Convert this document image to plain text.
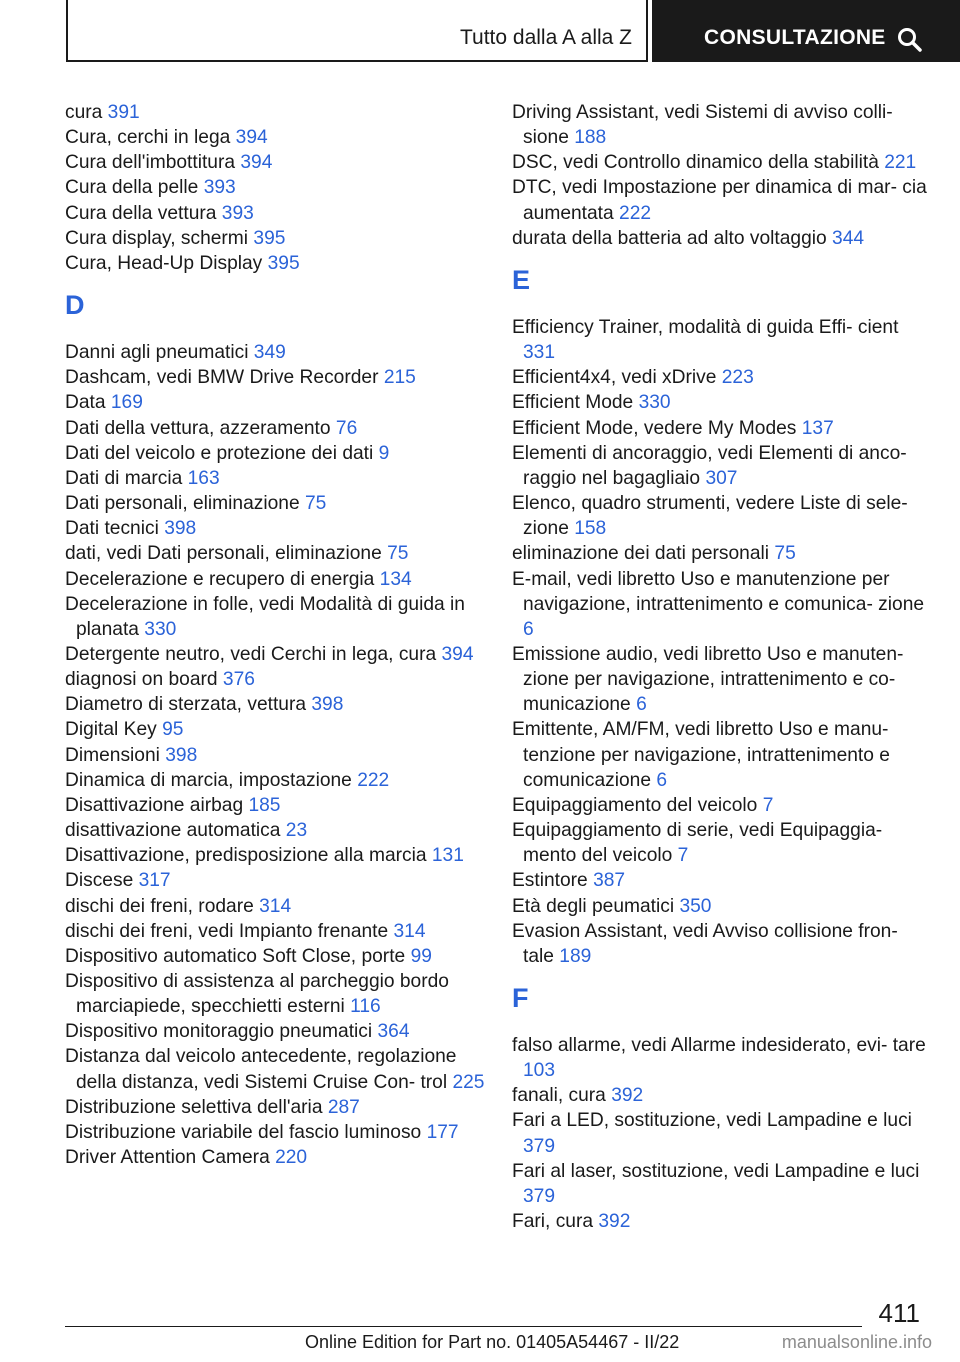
Tutto dalla A alla Z	CONSULTAZIONE

cura 391

Cura, cerchi in lega 394

Cura dell'imbottitura 394

Cura della pelle 393

Cura della vettura 393

Cura display, schermi 395

Cura, Head-Up Display 395

D

Danni agli pneumatici 349

Dashcam, vedi BMW Drive Recorder 215

Data 169

Dati della vettura, azzeramento 76

Dati del veicolo e protezione dei dati 9

Dati di marcia 163

Dati personali, eliminazione 75

Dati tecnici 398

dati, vedi Dati personali, eliminazione 75

Decelerazione e recupero di energia 134

Decelerazione in folle, vedi Modalità di guida in planata 330

Detergente neutro, vedi Cerchi in lega, cura 394

diagnosi on board 376

Diametro di sterzata, vettura 398

Digital Key 95

Dimensioni 398

Dinamica di marcia, impostazione 222

Disattivazione airbag 185

disattivazione automatica 23

Disattivazione, predisposizione alla marcia 131

Discese 317

dischi dei freni, rodare 314

dischi dei freni, vedi Impianto frenante 314

Dispositivo automatico Soft Close, porte 99

Dispositivo di assistenza al parcheggio bordo marciapiede, specchietti esterni 116

Dispositivo monitoraggio pneumatici 364

Distanza dal veicolo antecedente, regolazione della distanza, vedi Sistemi Cruise Con- trol 225

Distribuzione selettiva dell'aria 287

Distribuzione variabile del fascio luminoso 177

Driver Attention Camera 220

Driving Assistant, vedi Sistemi di avviso colli- sione 188

DSC, vedi Controllo dinamico della stabilità 221

DTC, vedi Impostazione per dinamica di mar- cia aumentata 222

durata della batteria ad alto voltaggio 344

E

Efficiency Trainer, modalità di guida Effi- cient 331

Efficient4x4, vedi xDrive 223

Efficient Mode 330

Efficient Mode, vedere My Modes 137

Elementi di ancoraggio, vedi Elementi di anco- raggio nel bagagliaio 307

Elenco, quadro strumenti, vedere Liste di sele- zione 158

eliminazione dei dati personali 75

E-mail, vedi libretto Uso e manutenzione per navigazione, intrattenimento e comunica- zione 6

Emissione audio, vedi libretto Uso e manuten- zione per navigazione, intrattenimento e co- municazione 6

Emittente, AM/FM, vedi libretto Uso e manu- tenzione per navigazione, intrattenimento e comunicazione 6

Equipaggiamento del veicolo 7

Equipaggiamento di serie, vedi Equipaggia- mento del veicolo 7

Estintore 387

Età degli peumatici 350

Evasion Assistant, vedi Avviso collisione fron- tale 189

F

falso allarme, vedi Allarme indesiderato, evi- tare 103

fanali, cura 392

Fari a LED, sostituzione, vedi Lampadine e luci 379

Fari al laser, sostituzione, vedi Lampadine e luci 379

Fari, cura 392

411
Online Edition for Part no. 01405A54467 - II/22	manualsonline.info
